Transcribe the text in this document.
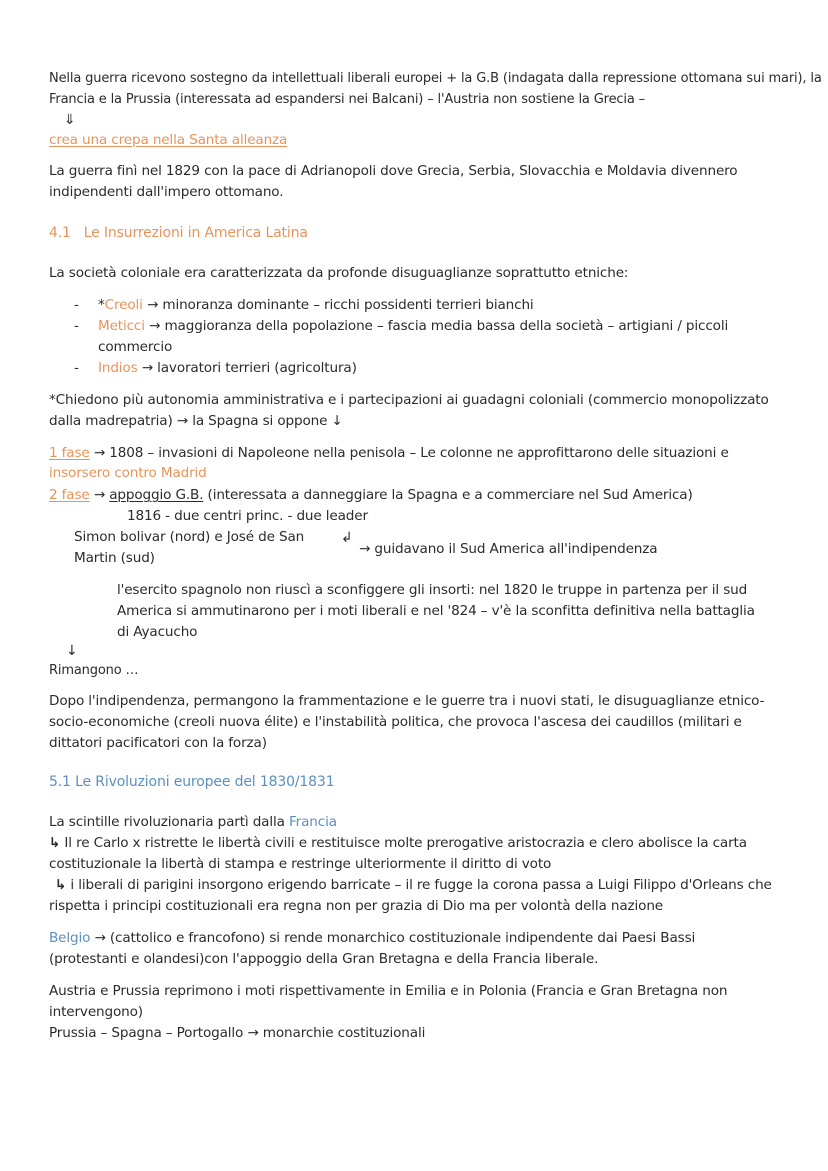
Nella guerra ricevono sostegno da intellettuali liberali europei + la G.B (indagata dalla repressione ottomana sui mari), la
Francia e la Prussia (interessata ad espandersi nei Balcani) – l'Austria non sostiene la Grecia –
⇓
crea una crepa nella Santa alleanza
La guerra finì nel 1829 con la pace di Adrianopoli dove Grecia, Serbia, Slovacchia e Moldavia divennero
indipendenti dall'impero ottomano.
4.1 Le Insurrezioni in America Latina
La società coloniale era caratterizzata da profonde disuguaglianze soprattutto etniche:
- *Creoli → minoranza dominante – ricchi possidenti terrieri bianchi
- Meticci → maggioranza della popolazione – fascia media bassa della società – artigiani / piccoli
commercio
- Indios → lavoratori terrieri (agricoltura)
*Chiedono più autonomia amministrativa e i partecipazioni ai guadagni coloniali (commercio monopolizzato
dalla madrepatria) → la Spagna si oppone ↓
1 fase → 1808 – invasioni di Napoleone nella penisola – Le colonne ne approfittarono delle situazioni e
insorsero contro Madrid
2 fase → appoggio G.B. (interessata a danneggiare la Spagna e a commerciare nel Sud America)
1816 - due centri princ. - due leader
Simon bolivar (nord) e José de San
Martin (sud)
↲
→ guidavano il Sud America all'indipendenza
l'esercito spagnolo non riuscì a sconfiggere gli insorti: nel 1820 le truppe in partenza per il sud
America si ammutinarono per i moti liberali e nel '824 – v'è la sconfitta definitiva nella battaglia
di Ayacucho
↓
Rimangono …
Dopo l'indipendenza, permangono la frammentazione e le guerre tra i nuovi stati, le disuguaglianze etnico-
socio-economiche (creoli nuova élite) e l'instabilità politica, che provoca l'ascesa dei caudillos (militari e
dittatori pacificatori con la forza)
5.1 Le Rivoluzioni europee del 1830/1831
La scintille rivoluzionaria partì dalla Francia
↳ Il re Carlo x ristrette le libertà civili e restituisce molte prerogative aristocrazia e clero abolisce la carta
costituzionale la libertà di stampa e restringe ulteriormente il diritto di voto
↳ i liberali di parigini insorgono erigendo barricate – il re fugge la corona passa a Luigi Filippo d'Orleans che
rispetta i principi costituzionali era regna non per grazia di Dio ma per volontà della nazione
Belgio → (cattolico e francofono) si rende monarchico costituzionale indipendente dai Paesi Bassi
(protestanti e olandesi)con l'appoggio della Gran Bretagna e della Francia liberale.
Austria e Prussia reprimono i moti rispettivamente in Emilia e in Polonia (Francia e Gran Bretagna non
intervengono)
Prussia – Spagna – Portogallo → monarchie costituzionali
